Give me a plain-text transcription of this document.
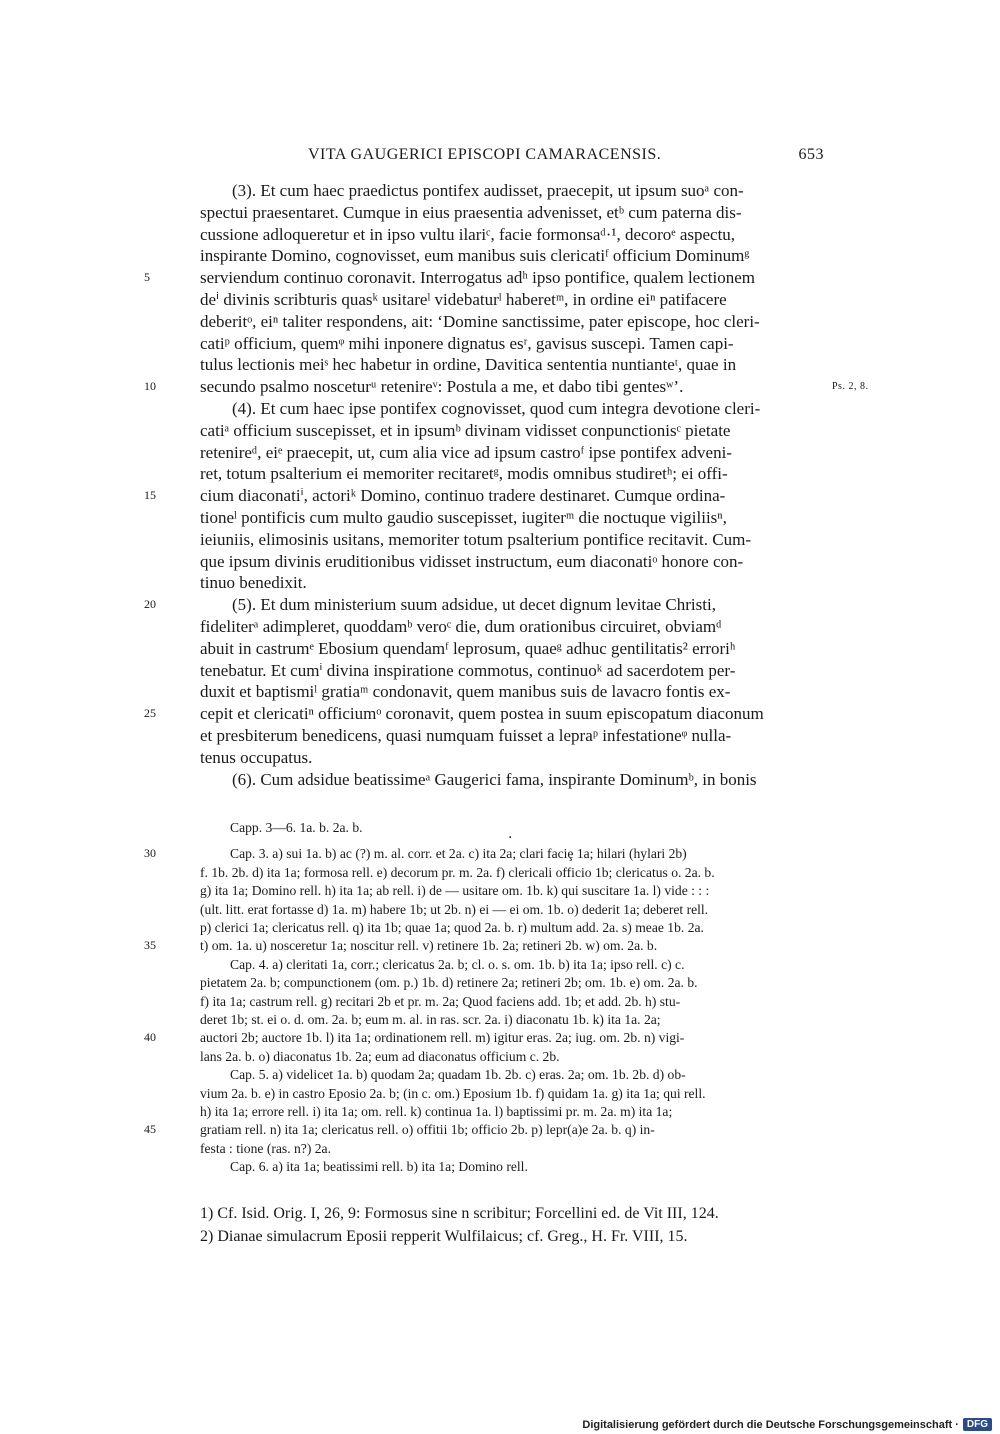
VITA GAUGERICI EPISCOPI CAMARACENSIS.	653
(3). Et cum haec praedictus pontifex audisset, praecepit, ut ipsum suoᵃ con-
spectui praesentaret. Cumque in eius praesentia advenisset, etᵇ cum paterna dis-
cussione adloqueretur et in ipso vultu ilariᶜ, facie formonsaᵈ·¹, decoroᵉ aspectu,
inspirante Domino, cognovisset, eum manibus suis clericatiᶠ officium Dominumᵍ
serviendum continuo coronavit. Interrogatus adʰ ipso pontifice, qualem lectionem
5
deⁱ divinis scribturis quasᵏ usitareˡ videbaturˡ haberetᵐ, in ordine eiⁿ patifacere
deberitᵒ, eiⁿ taliter respondens, ait: ‘Domine sanctissime, pater episcope, hoc cleri-
catiᵖ officium, quemᵠ mihi inponere dignatus esʳ, gavisus suscepi. Tamen capi-
tulus lectionis meiˢ hec habetur in ordine, Davitica sententia nuntianteᵗ, quae in
secundo psalmo nosceturᵘ retenireᵛ: Postula a me, et dabo tibi gentesʷ’.
10	Ps. 2, 8.
(4). Et cum haec ipse pontifex cognovisset, quod cum integra devotione cleri-
catiᵃ officium suscepisset, et in ipsumᵇ divinam vidisset conpunctionisᶜ pietate
retenireᵈ, eiᵉ praecepit, ut, cum alia vice ad ipsum castroᶠ ipse pontifex adveni-
ret, totum psalterium ei memoriter recitaretᵍ, modis omnibus studiretʰ; ei offi-
cium diaconatiⁱ, actoriᵏ Domino, continuo tradere destinaret. Cumque ordina-
15
tioneˡ pontificis cum multo gaudio suscepisset, iugiterᵐ die noctuque vigiliisⁿ,
ieiuniis, elimosinis usitans, memoriter totum psalterium pontifice recitavit. Cum-
que ipsum divinis eruditionibus vidisset instructum, eum diaconatiᵒ honore con-
tinuo benedixit.
(5). Et dum ministerium suum adsidue, ut decet dignum levitae Christi,
20
fideliterᵃ adimpleret, quoddamᵇ veroᶜ die, dum orationibus circuiret, obviamᵈ
abuit in castrumᵉ Ebosium quendamᶠ leprosum, quaeᵍ adhuc gentilitatis² erroriʰ
tenebatur. Et cumⁱ divina inspiratione commotus, continuoᵏ ad sacerdotem per-
duxit et baptismiˡ gratiaᵐ condonavit, quem manibus suis de lavacro fontis ex-
cepit et clericatiⁿ officiumᵒ coronavit, quem postea in suum episcopatum diaconum
25
et presbiterum benedicens, quasi numquam fuisset a lepraᵖ infestationeᵠ nulla-
tenus occupatus.
(6). Cum adsidue beatissimeᵃ Gaugerici fama, inspirante Dominumᵇ, in bonis
Capp. 3—6. 1a. b. 2a. b.
Cap. 3. a) sui 1a. b) ac (?) m. al. corr. et 2a. c) ita 2a; clari faciȩ 1a; hilari (hylari 2b)
30
f. 1b. 2b. d) ita 1a; formosa rell. e) decorum pr. m. 2a. f) clericali officio 1b; clericatus o. 2a. b.
g) ita 1a; Domino rell. h) ita 1a; ab rell. i) de — usitare om. 1b. k) qui suscitare 1a. l) vide : : :
(ult. litt. erat fortasse d) 1a. m) habere 1b; ut 2b. n) ei — ei om. 1b. o) dederit 1a; deberet rell.
p) clerici 1a; clericatus rell. q) ita 1b; quae 1a; quod 2a. b. r) multum add. 2a. s) meae 1b. 2a.
t) om. 1a. u) nosceretur 1a; noscitur rell. v) retinere 1b. 2a; retineri 2b. w) om. 2a. b.
35
Cap. 4. a) cleritati 1a, corr.; clericatus 2a. b; cl. o. s. om. 1b. b) ita 1a; ipso rell. c) c.
pietatem 2a. b; compunctionem (om. p.) 1b. d) retinere 2a; retineri 2b; om. 1b. e) om. 2a. b.
f) ita 1a; castrum rell. g) recitari 2b et pr. m. 2a; Quod faciens add. 1b; et add. 2b. h) stu-
deret 1b; st. ei o. d. om. 2a. b; eum m. al. in ras. scr. 2a. i) diaconatu 1b. k) ita 1a. 2a;
auctori 2b; auctore 1b. l) ita 1a; ordinationem rell. m) igitur eras. 2a; iug. om. 2b. n) vigi-
40
lans 2a. b. o) diaconatus 1b. 2a; eum ad diaconatus officium c. 2b.
Cap. 5. a) videlicet 1a. b) quodam 2a; quadam 1b. 2b. c) eras. 2a; om. 1b. 2b. d) ob-
vium 2a. b. e) in castro Eposio 2a. b; (in c. om.) Eposium 1b. f) quidam 1a. g) ita 1a; qui rell.
h) ita 1a; errore rell. i) ita 1a; om. rell. k) continua 1a. l) baptissimi pr. m. 2a. m) ita 1a;
gratiam rell. n) ita 1a; clericatus rell. o) offitii 1b; officio 2b. p) lepr(a)e 2a. b. q) in-
45
festa : tione (ras. n?) 2a.
Cap. 6. a) ita 1a; beatissimi rell. b) ita 1a; Domino rell.
.
1) Cf. Isid. Orig. I, 26, 9: Formosus sine n scribitur; Forcellini ed. de Vit III, 124.
2) Dianae simulacrum Eposii repperit Wulfilaicus; cf. Greg., H. Fr. VIII, 15.
Digitalisierung gefördert durch die Deutsche Forschungsgemeinschaft · DFG
